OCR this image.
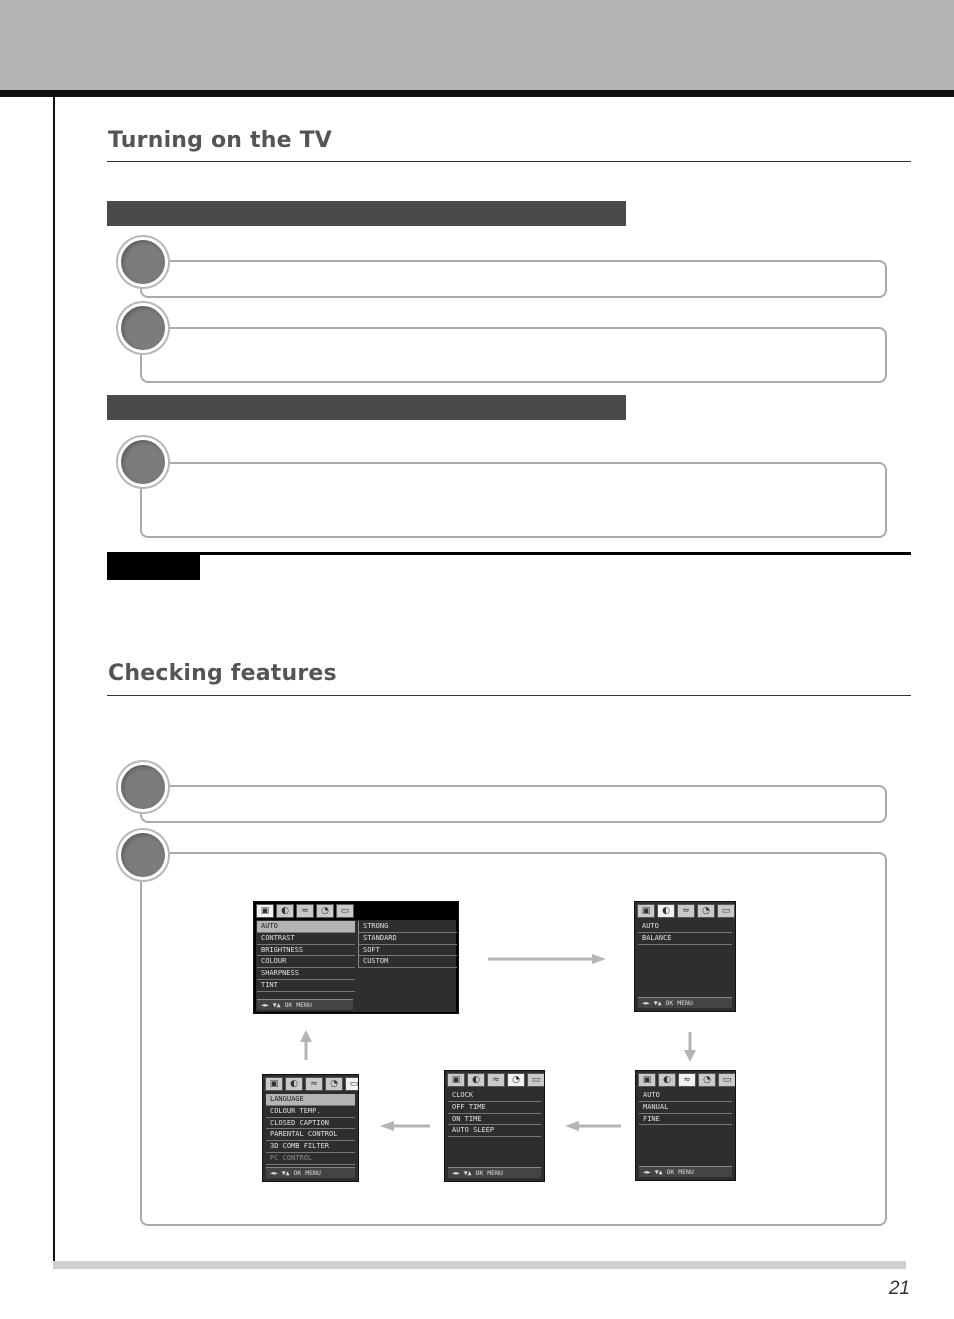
21
Turning on the TV
Checking features
▣	◐	≈	◔	▭
AUTO
CONTRAST
BRIGHTNESS
COLOUR
SHARPNESS
TINT
STRONG
STANDARD
SOFT
CUSTOM
◄► ▼▲ OK MENU
▣	◐	≈	◔	▭
AUTO
BALANCE
◄► ▼▲ OK MENU
▣	◐	≈	◔	▭
AUTO
MANUAL
FINE
◄► ▼▲ OK MENU
▣	◐	≈	◔	▭
CLOCK
OFF TIME
ON TIME
AUTO SLEEP
◄► ▼▲ OK MENU
▣	◐	≈	◔	▭
LANGUAGE
COLOUR TEMP.
CLOSED CAPTION
PARENTAL CONTROL
3D COMB FILTER
PC CONTROL
◄► ▼▲ OK MENU
